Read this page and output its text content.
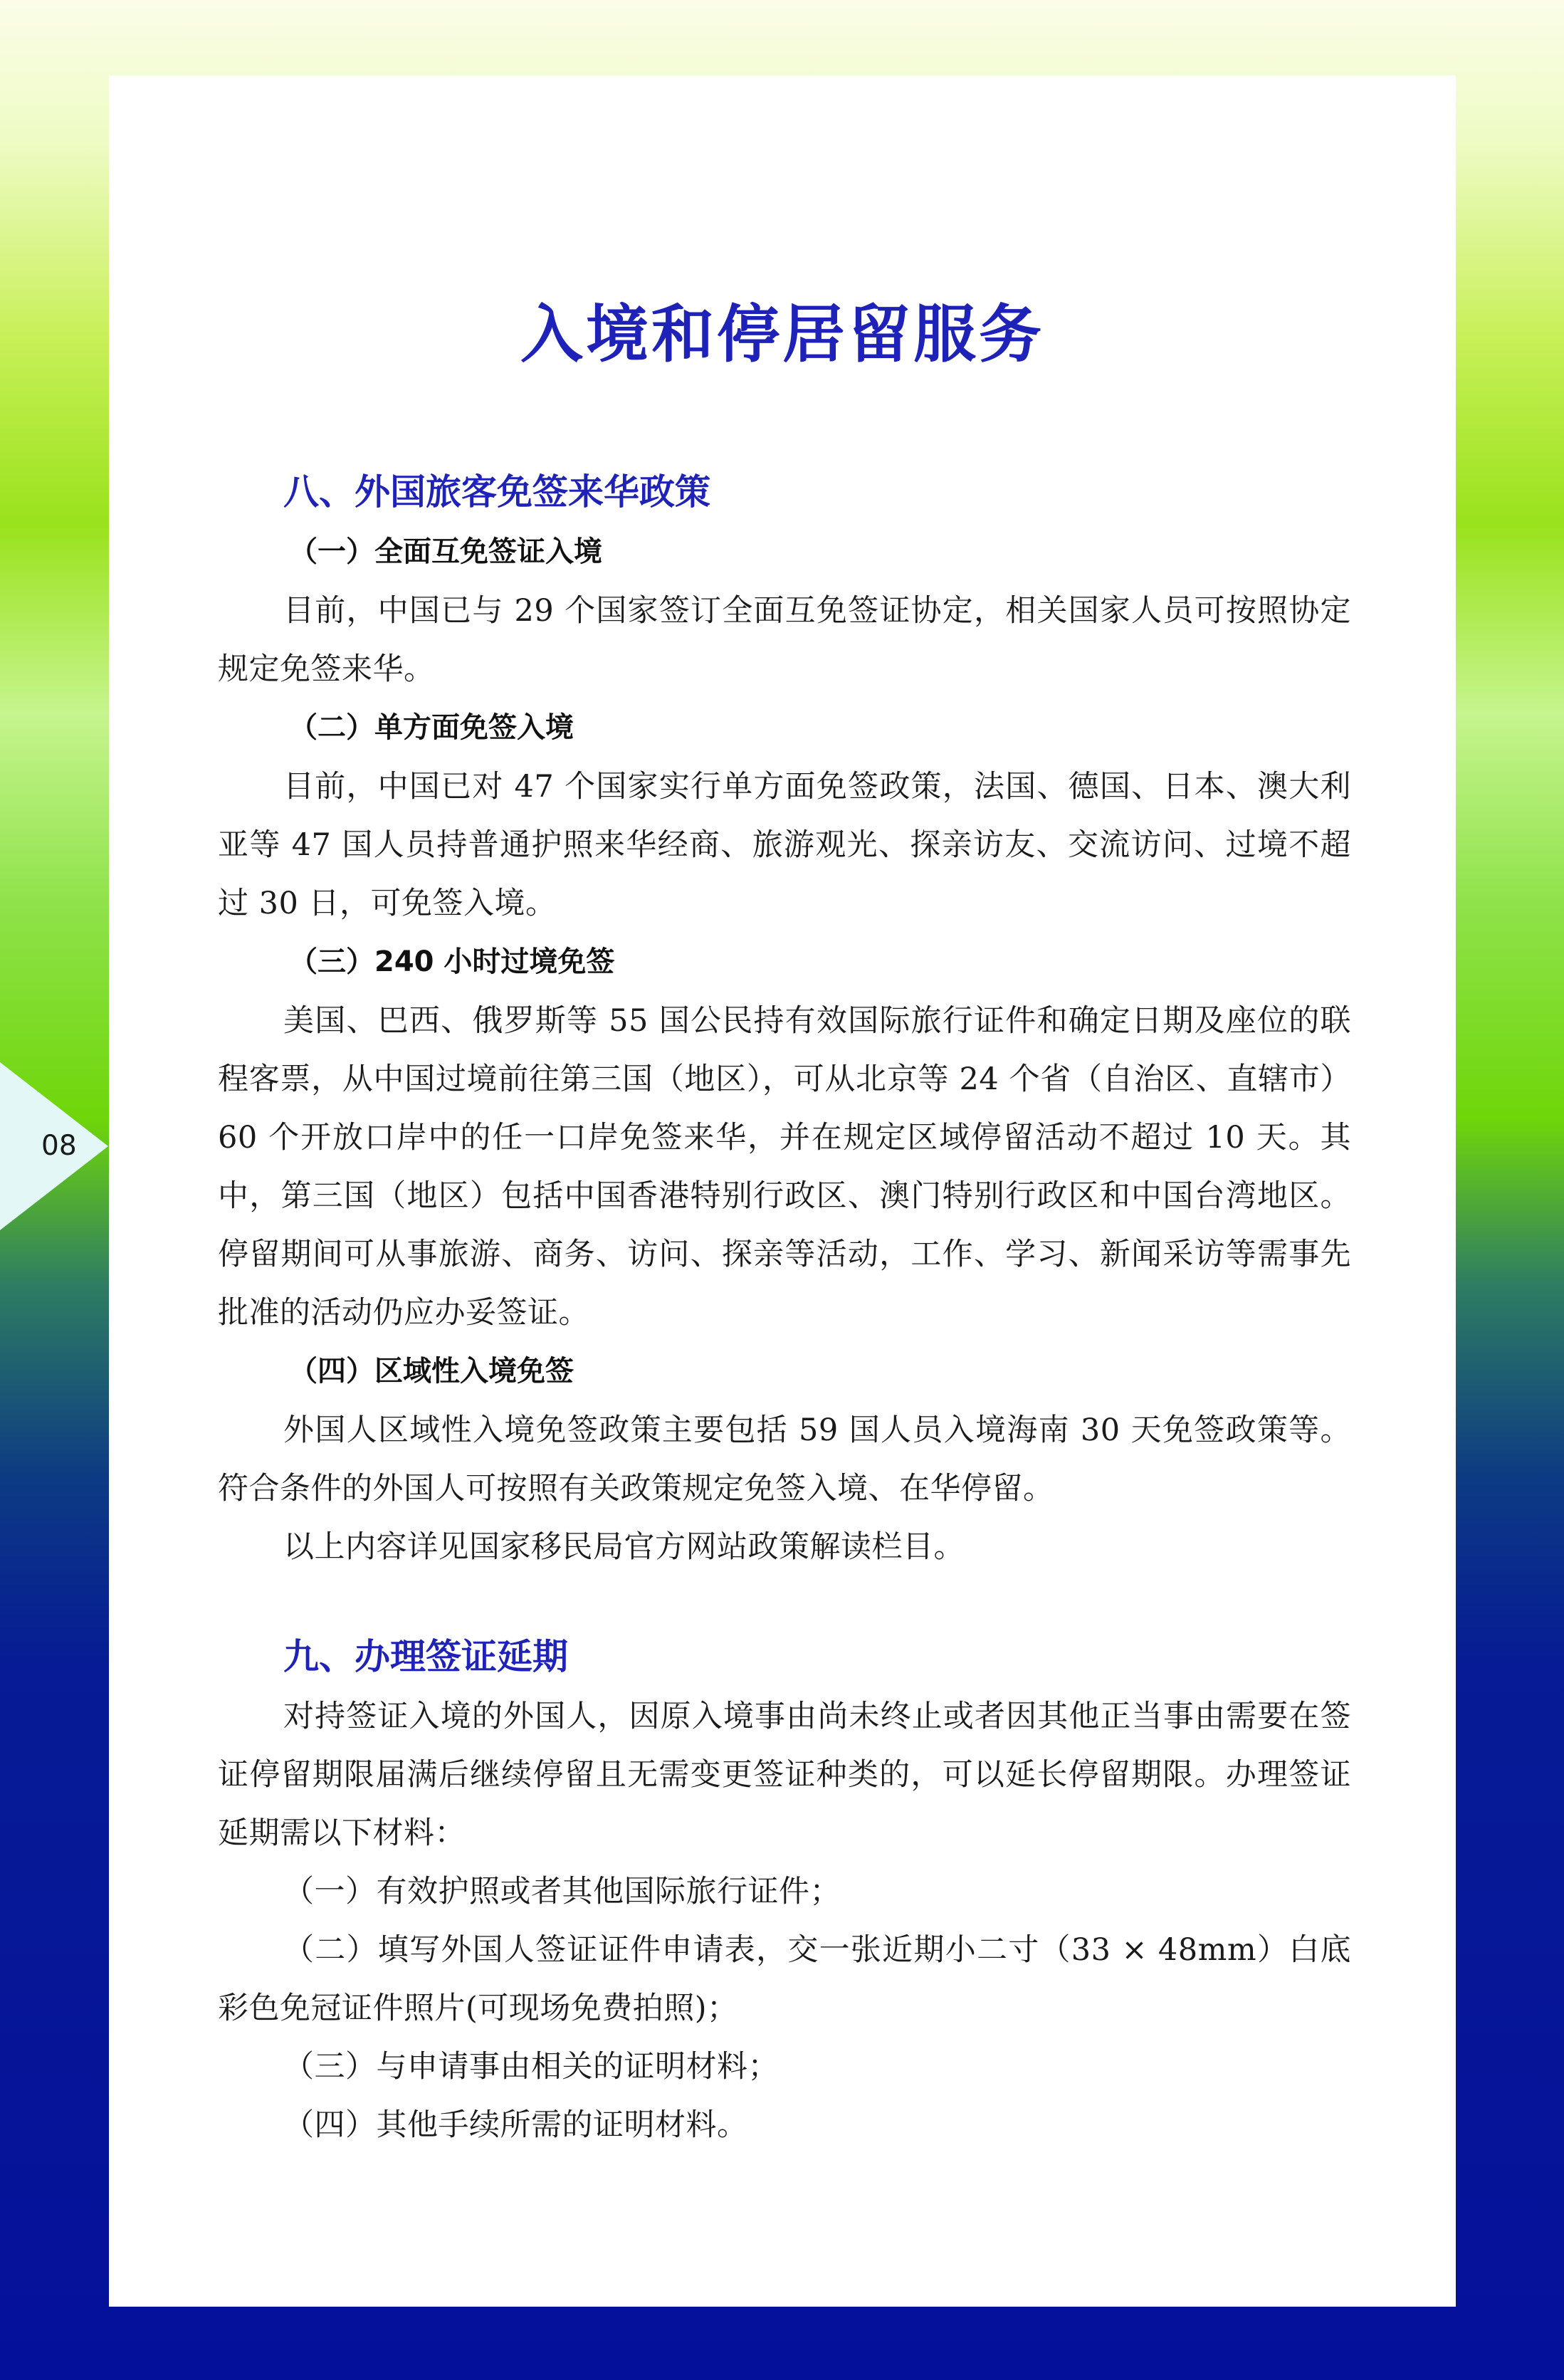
08
入境和停居留服务
八、外国旅客免签来华政策
（一）全面互免签证入境

目前，中国已与 29 个国家签订全面互免签证协定，相关国家人员可按照协定规定免签来华。

（二）单方面免签入境

目前，中国已对 47 个国家实行单方面免签政策，法国、德国、日本、澳大利亚等 47 国人员持普通护照来华经商、旅游观光、探亲访友、交流访问、过境不超过 30 日，可免签入境。

（三）240 小时过境免签

美国、巴西、俄罗斯等 55 国公民持有效国际旅行证件和确定日期及座位的联程客票，从中国过境前往第三国（地区），可从北京等 24 个省（自治区、直辖市）60 个开放口岸中的任一口岸免签来华，并在规定区域停留活动不超过 10 天。其中，第三国（地区）包括中国香港特别行政区、澳门特别行政区和中国台湾地区。停留期间可从事旅游、商务、访问、探亲等活动，工作、学习、新闻采访等需事先批准的活动仍应办妥签证。

（四）区域性入境免签

外国人区域性入境免签政策主要包括 59 国人员入境海南 30 天免签政策等。符合条件的外国人可按照有关政策规定免签入境、在华停留。

以上内容详见国家移民局官方网站政策解读栏目。

九、办理签证延期

对持签证入境的外国人，因原入境事由尚未终止或者因其他正当事由需要在签证停留期限届满后继续停留且无需变更签证种类的，可以延长停留期限。办理签证延期需以下材料：

（一）有效护照或者其他国际旅行证件；

（二）填写外国人签证证件申请表，交一张近期小二寸（33 × 48mm）白底彩色免冠证件照片(可现场免费拍照)；

（三）与申请事由相关的证明材料；

（四）其他手续所需的证明材料。
